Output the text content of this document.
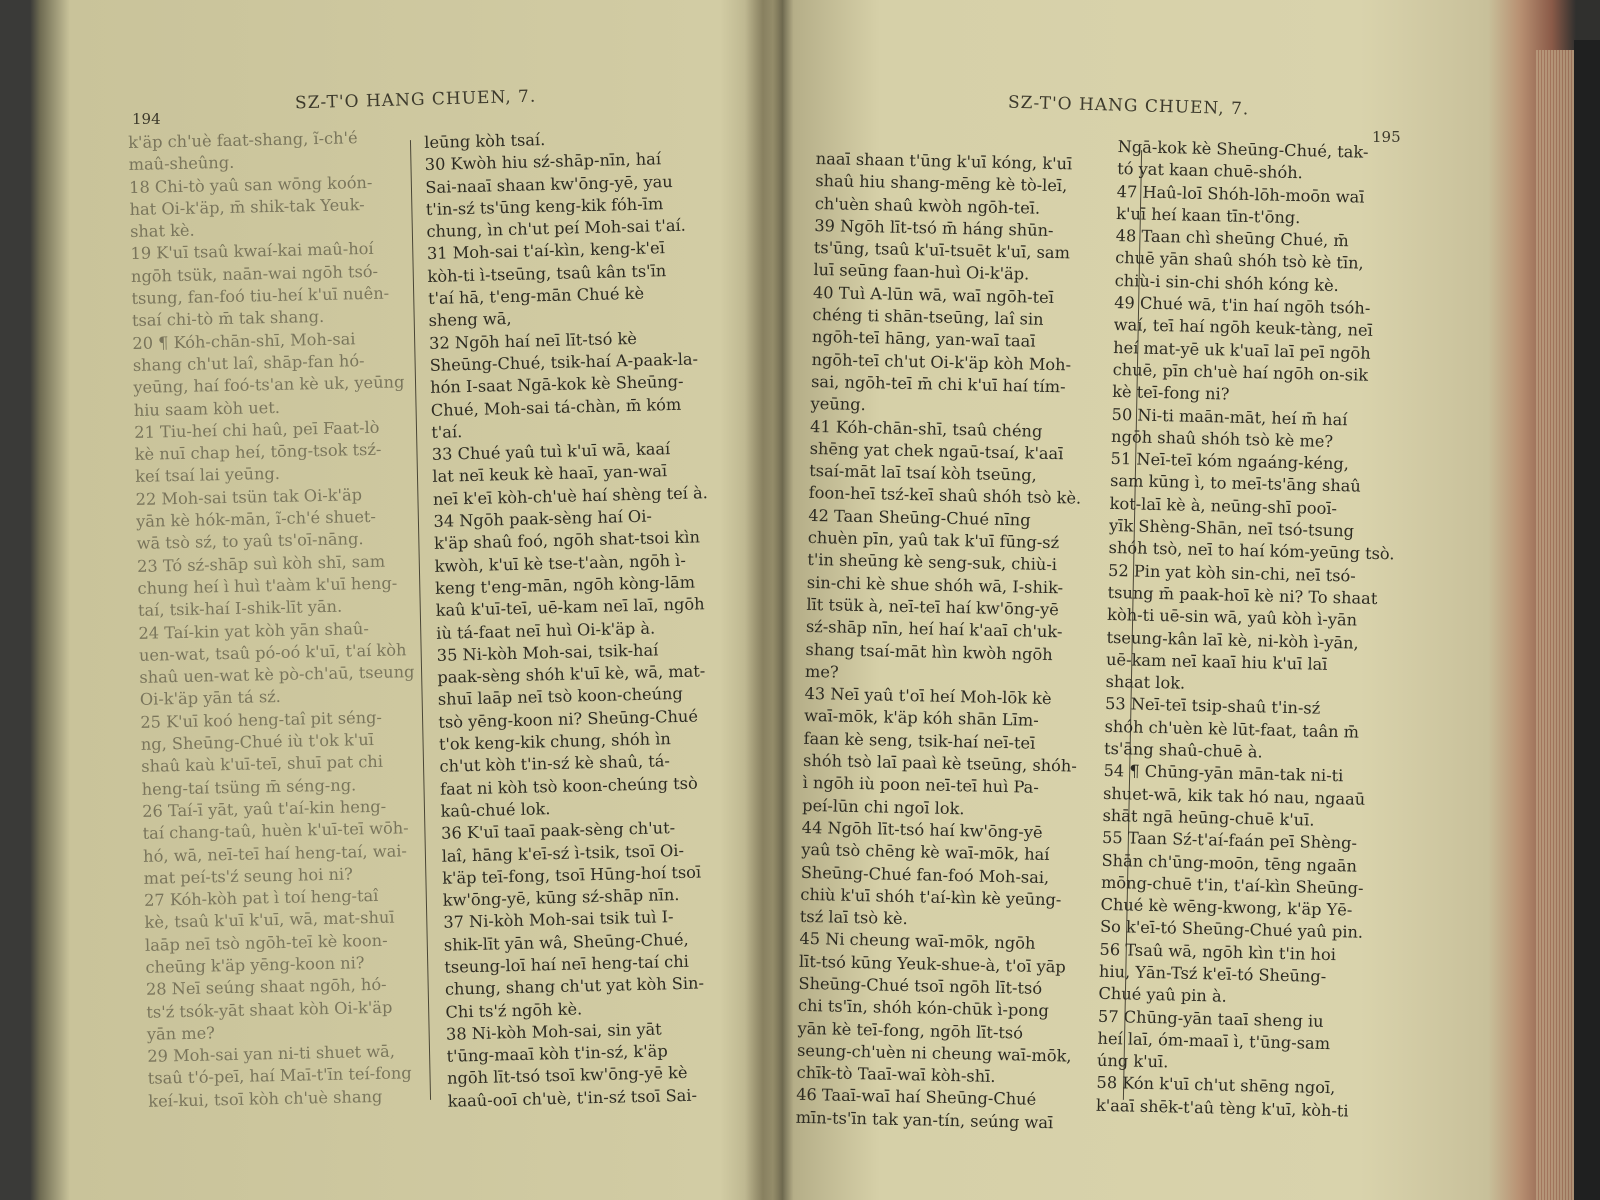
194
SZ-T'O HANG CHUEN, 7.
k'äp ch'uè faat-shang, ĩ-ch'é
maû-sheûng.
18 Chi-tò yaû san wōng koón-
hat Oi-k'äp, m̄ shik-tak Yeuk-
shat kè.
19 K'uī tsaû kwaí-kai maû-hoí
ngōh tsük, naān-wai ngōh tsó-
tsung, fan-foó tiu-heí k'uī nuên-
tsaí chi-tò m̄ tak shang.
20 ¶ Kóh-chān-shī, Moh-sai
shang ch'ut laî, shāp-fan hó-
yeūng, haí foó-ts'an kè uk, yeūng
hiu saam kòh uet.
21 Tiu-heí chi haû, peī Faat-lò
kè nuī chap heí, tōng-tsok tsź-
keí tsaí lai yeūng.
22 Moh-sai tsün tak Oi-k'äp
yān kè hók-mān, ĩ-ch'é shuet-
wā tsò sź, to yaû ts'oī-nāng.
23 Tó sź-shāp suì kòh shī, sam
chung heí ì huì t'aàm k'uī heng-
taí, tsik-haí I-shik-līt yān.
24 Taí-kin yat kòh yān shaû-
uen-wat, tsaû pó-oó k'uī, t'aí kòh
shaû uen-wat kè pò-ch'aū, tseung
Oi-k'äp yān tá sź.
25 K'uī koó heng-taî pit séng-
ng, Sheūng-Chué iù t'ok k'uī
shaû kaù k'uī-teī, shuī pat chi
heng-taí tsüng m̄ séng-ng.
26 Taí-ī yāt, yaû t'aí-kin heng-
taí chang-taû, huèn k'uī-teī wōh-
hó, wā, neī-teī haí heng-taí, wai-
mat peí-ts'ź seung hoi ni?
27 Kóh-kòh pat ì toí heng-taî
kè, tsaû k'uī k'uī, wā, mat-shuī
laāp neī tsò ngōh-teī kè koon-
cheūng k'äp yēng-koon ni?
28 Neī seúng shaat ngōh, hó-
ts'ź tsók-yāt shaat kòh Oi-k'äp
yān me?
29 Moh-sai yan ni-ti shuet wā,
tsaû t'ó-peī, haí Maī-t'īn teí-fong
keí-kui, tsoī kòh ch'uè shang
leūng kòh tsaí.
30 Kwòh hiu sź-shāp-nīn, haí
Sai-naaī shaan kw'ōng-yē, yau
t'in-sź ts'ūng keng-kik fóh-īm
chung, ìn ch'ut peí Moh-sai t'aí.
31 Moh-sai t'aí-kìn, keng-k'eī
kòh-ti ì-tseūng, tsaû kân ts'īn
t'aí hā, t'eng-mān Chué kè
sheng wā,
32 Ngōh haí neī līt-tsó kè
Sheūng-Chué, tsik-haí A-paak-la-
hón I-saat Ngā-kok kè Sheūng-
Chué, Moh-sai tá-chàn, m̄ kóm
t'aí.
33 Chué yaû tuì k'uī wā, kaaí
lat neī keuk kè haaī, yan-waī
neī k'eī kòh-ch'uè haí shèng teí à.
34 Ngōh paak-sèng haí Oi-
k'äp shaû foó, ngōh shat-tsoi kìn
kwòh, k'uī kè tse-t'aàn, ngōh ì-
keng t'eng-mān, ngōh kòng-lām
kaû k'uī-teī, uē-kam neī laī, ngōh
iù tá-faat neī huì Oi-k'äp à.
35 Ni-kòh Moh-sai, tsik-haí
paak-sèng shóh k'uī kè, wā, mat-
shuī laāp neī tsò koon-cheúng
tsò yēng-koon ni? Sheūng-Chué
t'ok keng-kik chung, shóh ìn
ch'ut kòh t'in-sź kè shaû, tá-
faat ni kòh tsò koon-cheúng tsò
kaû-chué lok.
36 K'uī taaī paak-sèng ch'ut-
laî, hāng k'eī-sź ì-tsik, tsoī Oi-
k'äp teī-fong, tsoī Hūng-hoí tsoī
kw'ōng-yē, kūng sź-shāp nīn.
37 Ni-kòh Moh-sai tsik tuì I-
shik-līt yān wâ, Sheūng-Chué,
tseung-loī haí neī heng-taí chi
chung, shang ch'ut yat kòh Sin-
Chi ts'ź ngōh kè.
38 Ni-kòh Moh-sai, sin yāt
t'ūng-maaī kòh t'in-sź, k'äp
ngōh līt-tsó tsoī kw'ōng-yē kè
kaaû-ooī ch'uè, t'in-sź tsoī Sai-
SZ-T'O HANG CHUEN, 7.
195
naaī shaan t'ūng k'uī kóng, k'uī
shaû hiu shang-mēng kè tò-leī,
ch'uèn shaû kwòh ngōh-teī.
39 Ngōh līt-tsó m̄ háng shūn-
ts'ūng, tsaû k'uī-tsuēt k'uī, sam
luī seūng faan-huì Oi-k'äp.
40 Tuì A-lūn wā, waī ngōh-teī
chéng ti shān-tseūng, laî sin
ngōh-teī hāng, yan-waī taaī
ngōh-teī ch'ut Oi-k'äp kòh Moh-
sai, ngōh-teī m̄ chi k'uī haí tím-
yeūng.
41 Kóh-chān-shī, tsaû chéng
shēng yat chek ngaū-tsaí, k'aaī
tsaí-māt laī tsaí kòh tseūng,
foon-heī tsź-keī shaû shóh tsò kè.
42 Taan Sheūng-Chué nīng
chuèn pīn, yaû tak k'uī fūng-sź
t'in sheūng kè seng-suk, chiù-i
sin-chi kè shue shóh wā, I-shik-
līt tsük à, neī-teī haí kw'ōng-yē
sź-shāp nīn, heí haí k'aaī ch'uk-
shang tsaí-māt hìn kwòh ngōh
me?
43 Neī yaû t'oī heí Moh-lōk kè
waī-mōk, k'äp kóh shān Līm-
faan kè seng, tsik-haí neī-teī
shóh tsò laī paaì kè tseūng, shóh-
ì ngōh iù poon neī-teī huì Pa-
peí-lūn chi ngoī lok.
44 Ngōh līt-tsó haí kw'ōng-yē
yaû tsò chēng kè waī-mōk, haí
Sheūng-Chué fan-foó Moh-sai,
chiù k'uī shóh t'aí-kìn kè yeūng-
tsź laī tsò kè.
45 Ni cheung waī-mōk, ngōh
līt-tsó kūng Yeuk-shue-à, t'oī yāp
Sheūng-Chué tsoī ngōh līt-tsó
chi ts'īn, shóh kón-chūk ì-pong
yān kè teī-fong, ngōh līt-tsó
seung-ch'uèn ni cheung waī-mōk,
chīk-tò Taaī-waī kòh-shī.
46 Taaī-waī haí Sheūng-Chué
mīn-ts'īn tak yan-tín, seúng waī
Ngā-kok kè Sheūng-Chué, tak-
tó yat kaan chuē-shóh.
47 Haû-loī Shóh-lōh-moōn waī
k'uī heí kaan tīn-t'ōng.
48 Taan chì sheūng Chué, m̄
chuē yān shaû shóh tsò kè tīn,
chiù-i sin-chi shóh kóng kè.
49 Chué wā, t'in haí ngōh tsóh-
waí, teī haí ngōh keuk-tàng, neī
heí mat-yē uk k'uaī laī peī ngōh
chuē, pīn ch'uè haí ngōh on-sik
kè teī-fong ni?
50 Ni-ti maān-māt, heí m̄ haí
ngōh shaû shóh tsò kè me?
51 Neī-teī kóm ngaáng-kéng,
sam kūng ì, to meī-ts'āng shaû
kot-laī kè à, neūng-shī pooī-
yīk Shèng-Shān, neī tsó-tsung
shóh tsò, neī to haí kóm-yeūng tsò.
52 Pin yat kòh sin-chi, neī tsó-
tsung m̄ paak-hoī kè ni? To shaat
kòh-ti uē-sin wā, yaû kòh ì-yān
tseung-kân laī kè, ni-kòh ì-yān,
uē-kam neī kaaī hiu k'uī laī
shaat lok.
53 Neī-teī tsip-shaû t'in-sź
shóh ch'uèn kè lūt-faat, taân m̄
ts'āng shaû-chuē à.
54 ¶ Chūng-yān mān-tak ni-ti
shuet-wā, kik tak hó nau, ngaaū
shāt ngā heūng-chuē k'uī.
55 Taan Sź-t'aí-faán peī Shèng-
Shān ch'ūng-moōn, tēng ngaān
mōng-chuē t'in, t'aí-kìn Sheūng-
Chué kè wēng-kwong, k'äp Yē-
So k'eī-tó Sheūng-Chué yaû pin.
56 Tsaû wā, ngōh kìn t'in hoi
hiu, Yān-Tsź k'eī-tó Sheūng-
Chué yaû pin à.
57 Chūng-yān taaī sheng iu
heí laī, óm-maaī ì, t'ūng-sam
úng k'uī.
58 Kón k'uī ch'ut shēng ngoī,
k'aaī shēk-t'aû tèng k'uī, kòh-ti
